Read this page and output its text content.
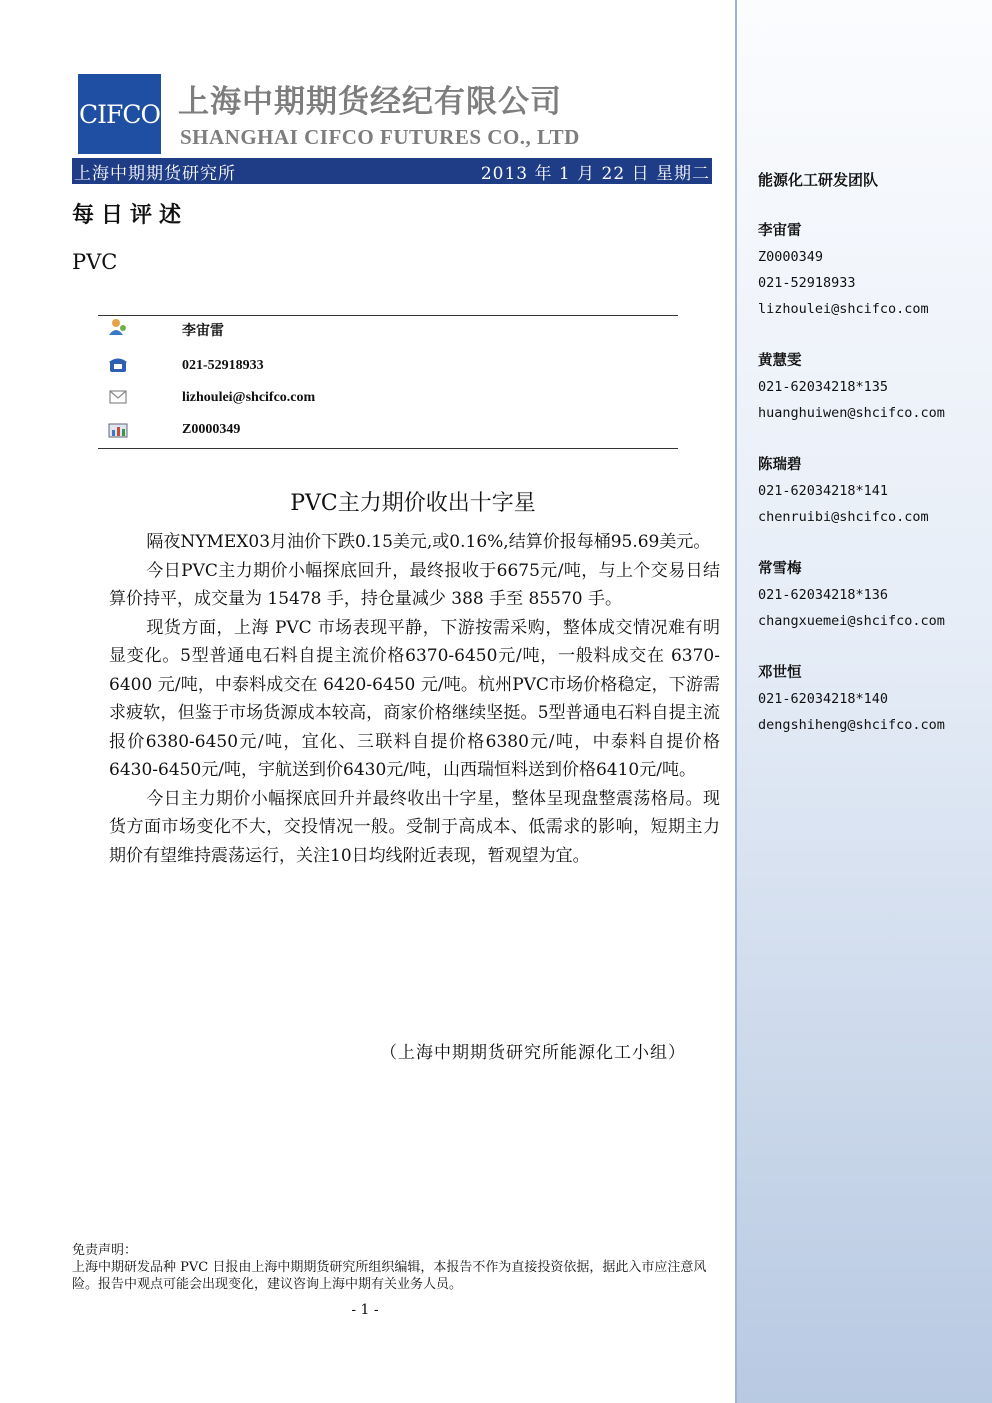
CIFCO 上海中期期货经纪有限公司
SHANGHAI CIFCO FUTURES CO., LTD
上海中期期货研究所	2013 年 1 月 22 日 星期二
每日评述
PVC
李宙雷
021-52918933
lizhoulei@shcifco.com
Z0000349
PVC主力期价收出十字星

隔夜NYMEX03月油价下跌0.15美元,或0.16%,结算价报每桶95.69美元。

今日PVC主力期价小幅探底回升，最终报收于6675元/吨，与上个交易日结算价持平，成交量为 15478 手，持仓量减少 388 手至 85570 手。

现货方面，上海 PVC 市场表现平静，下游按需采购，整体成交情况难有明显变化。5型普通电石料自提主流价格6370-6450元/吨，一般料成交在 6370-6400 元/吨，中泰料成交在 6420-6450 元/吨。杭州PVC市场价格稳定，下游需求疲软，但鉴于市场货源成本较高，商家价格继续坚挺。5型普通电石料自提主流报价6380-6450元/吨，宜化、三联料自提价格6380元/吨，中泰料自提价格 6430-6450元/吨，宇航送到价6430元/吨，山西瑞恒料送到价格6410元/吨。

今日主力期价小幅探底回升并最终收出十字星，整体呈现盘整震荡格局。现货方面市场变化不大，交投情况一般。受制于高成本、低需求的影响，短期主力期价有望维持震荡运行，关注10日均线附近表现，暂观望为宜。

（上海中期期货研究所能源化工小组）
免责声明：
上海中期研发品种 PVC 日报由上海中期期货研究所组织编辑，本报告不作为直接投资依据，据此入市应注意风险。报告中观点可能会出现变化，建议咨询上海中期有关业务人员。
- 1 -
能源化工研发团队
李宙雷
Z0000349
021-52918933
lizhoulei@shcifco.com
黄慧雯
021-62034218*135
huanghuiwen@shcifco.com
陈瑞碧
021-62034218*141
chenruibi@shcifco.com
常雪梅
021-62034218*136
changxuemei@shcifco.com
邓世恒
021-62034218*140
dengshiheng@shcifco.com
